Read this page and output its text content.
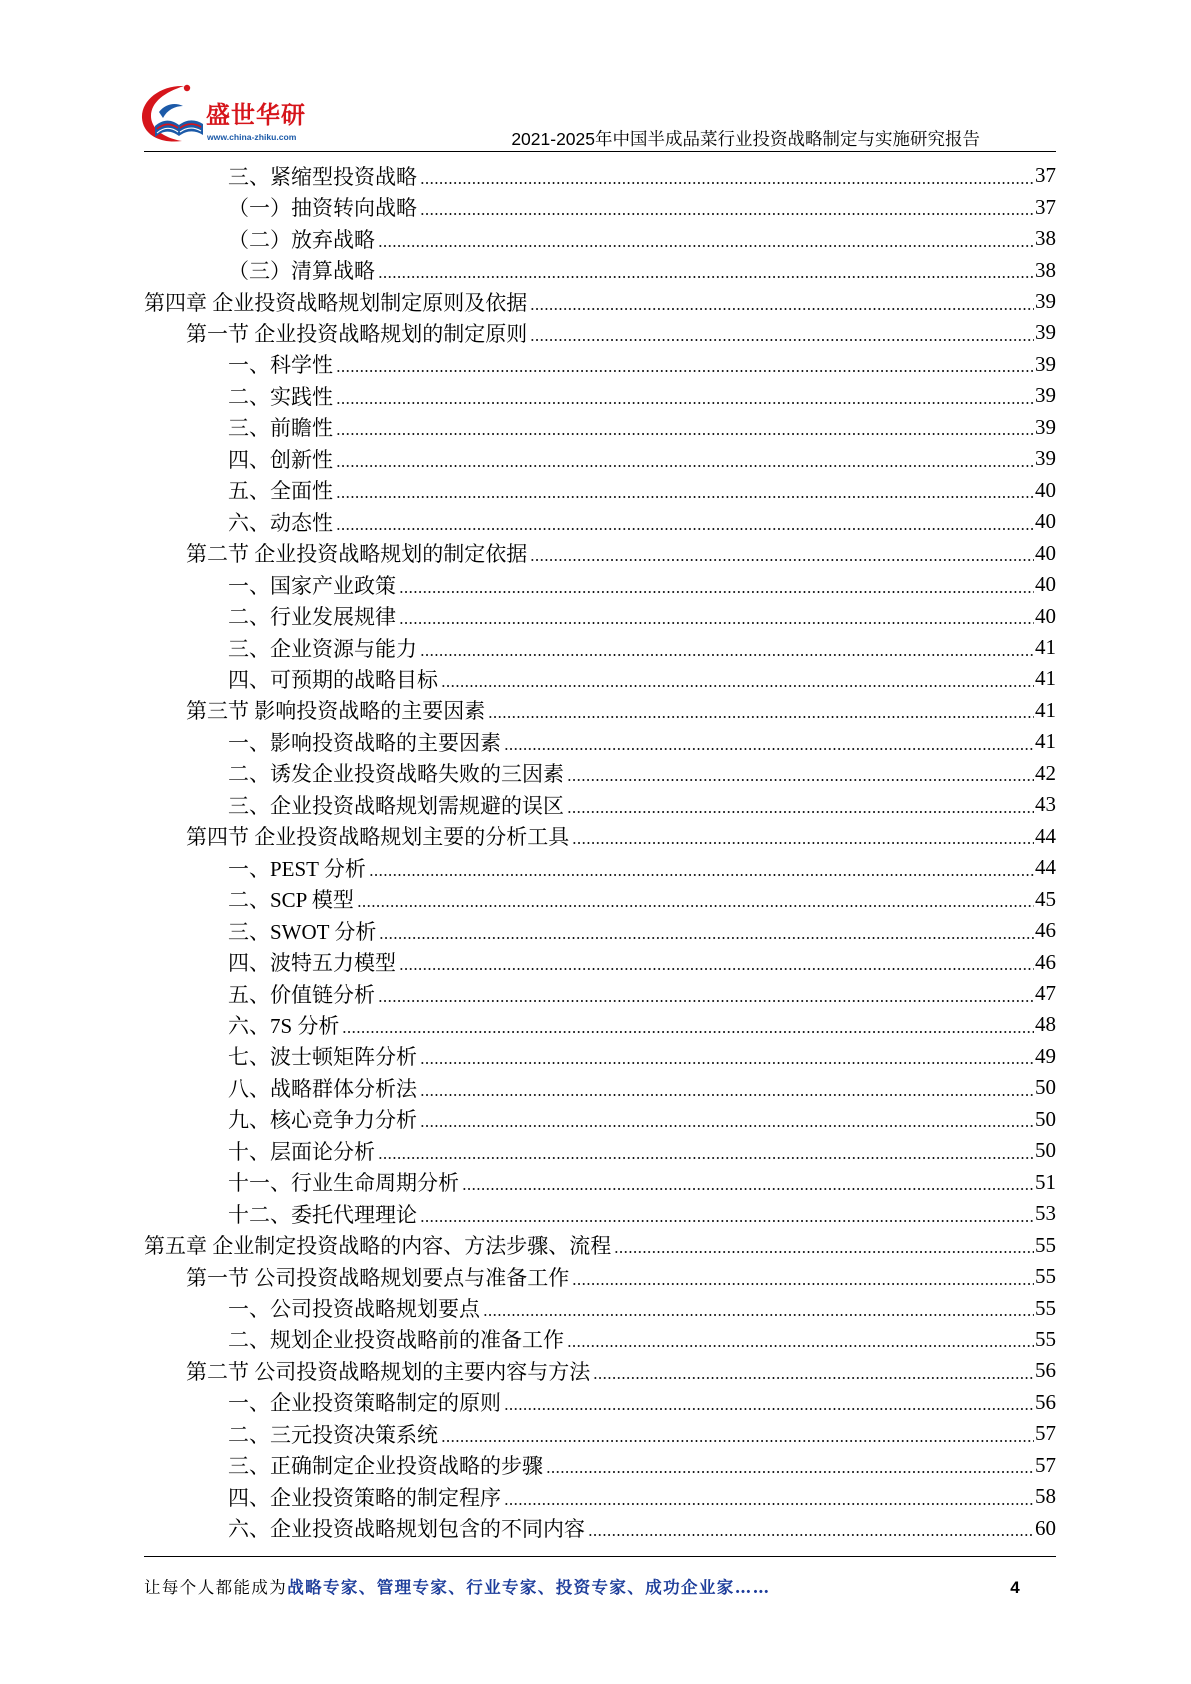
盛世华研
www.china-zhiku.com	2021-2025年中国半成品菜行业投资战略制定与实施研究报告
三、紧缩型投资战略	37
（一）抽资转向战略	37
（二）放弃战略	38
（三）清算战略	38
第四章 企业投资战略规划制定原则及依据	39
第一节 企业投资战略规划的制定原则	39
一、科学性	39
二、实践性	39
三、前瞻性	39
四、创新性	39
五、全面性	40
六、动态性	40
第二节 企业投资战略规划的制定依据	40
一、国家产业政策	40
二、行业发展规律	40
三、企业资源与能力	41
四、可预期的战略目标	41
第三节 影响投资战略的主要因素	41
一、影响投资战略的主要因素	41
二、诱发企业投资战略失败的三因素	42
三、企业投资战略规划需规避的误区	43
第四节 企业投资战略规划主要的分析工具	44
一、PEST 分析	44
二、SCP 模型	45
三、SWOT 分析	46
四、波特五力模型	46
五、价值链分析	47
六、7S 分析	48
七、波士顿矩阵分析	49
八、战略群体分析法	50
九、核心竞争力分析	50
十、层面论分析	50
十一、行业生命周期分析	51
十二、委托代理理论	53
第五章 企业制定投资战略的内容、方法步骤、流程	55
第一节 公司投资战略规划要点与准备工作	55
一、公司投资战略规划要点	55
二、规划企业投资战略前的准备工作	55
第二节 公司投资战略规划的主要内容与方法	56
一、企业投资策略制定的原则	56
二、三元投资决策系统	57
三、正确制定企业投资战略的步骤	57
四、企业投资策略的制定程序	58
六、企业投资战略规划包含的不同内容	60
让每个人都能成为战略专家、管理专家、行业专家、投资专家、成功企业家……	4
